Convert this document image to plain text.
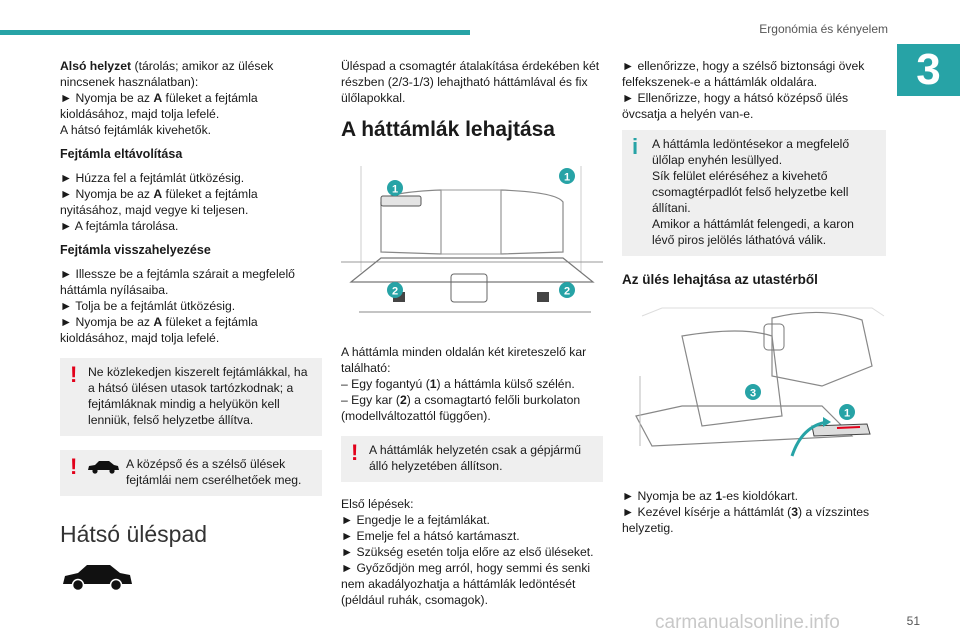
Ergonómia és kényelem
3

Alsó helyzet (tárolás; amikor az ülések nincsenek használatban):
► Nyomja be az A füleket a fejtámla kioldásához, majd tolja lefelé.
A hátsó fejtámlák kivehetők.

Fejtámla eltávolítása

► Húzza fel a fejtámlát ütközésig.
► Nyomja be az A füleket a fejtámla nyitásához, majd vegye ki teljesen.
► A fejtámla tárolása.

Fejtámla visszahelyezése

► Illessze be a fejtámla szárait a megfelelő háttámla nyílásaiba.
► Tolja be a fejtámlát ütközésig.
► Nyomja be az A füleket a fejtámla kioldásához, majd tolja lefelé.

! Ne közlekedjen kiszerelt fejtámlákkal, ha a hátsó ülésen utasok tartózkodnak; a fejtámláknak mindig a helyükön kell lenniük, felső helyzetbe állítva.
!	A középső és a szélső ülések fejtámlái nem cserélhetőek meg.
Hátsó üléspad

Üléspad a csomagtér átalakítása érdekében két részben (2/3-1/3) lehajtható háttámlával és fix ülőlapokkal.

A háttámlák lehajtása
1
1
2	2

A háttámla minden oldalán két kireteszelő kar található:
– Egy fogantyú (1) a háttámla külső szélén.
– Egy kar (2) a csomagtartó felőli burkolaton (modellváltozattól függően).

! A háttámlák helyzetén csak a gépjármű álló helyzetében állítson.

Első lépések:
► Engedje le a fejtámlákat.
► Emelje fel a hátsó kartámaszt.
► Szükség esetén tolja előre az első üléseket.
► Győződjön meg arról, hogy semmi és senki nem akadályozhatja a háttámlák ledöntését (például ruhák, csomagok).

► ellenőrizze, hogy a szélső biztonsági övek felfekszenek-e a háttámlák oldalára.
► Ellenőrizze, hogy a hátsó középső ülés övcsatja a helyén van-e.

i A háttámla ledöntésekor a megfelelő ülőlap enyhén lesüllyed.
Sík felület eléréséhez a kivehető csomagtérpadlót felső helyzetbe kell állítani.
Amikor a háttámlát felengedi, a karon lévő piros jelölés láthatóvá válik.
Az ülés lehajtása az utastérből
3
1

► Nyomja be az 1-es kioldókart.
► Kezével kísérje a háttámlát (3) a vízszintes helyzetig.

carmanualsonline.info	51
